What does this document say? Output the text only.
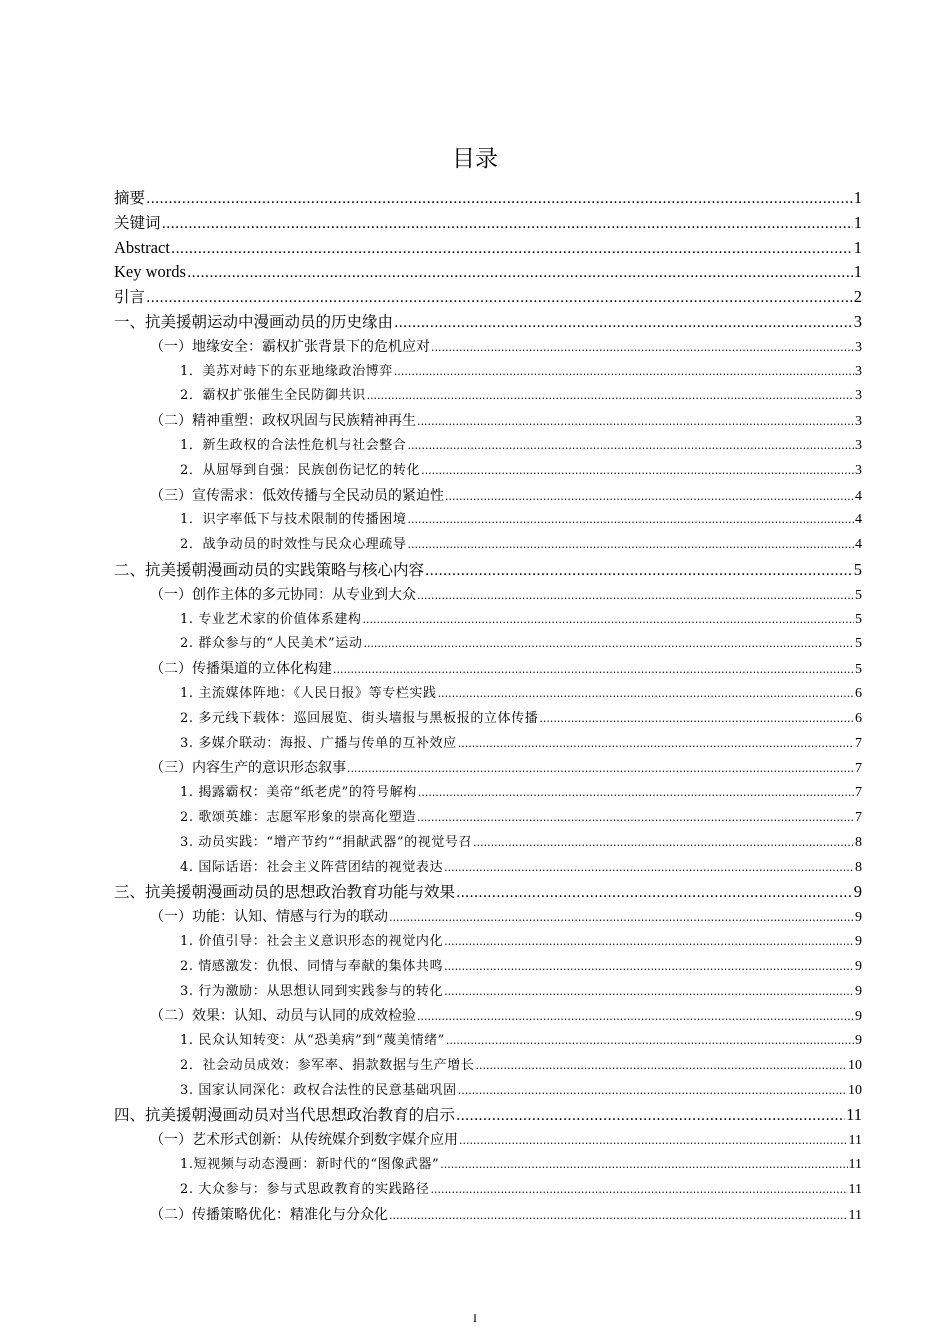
目录
摘要 .....	1
关键词 .....	1
Abstract .....	1
Key words .....	1
引言 .....	2
一、抗美援朝运动中漫画动员的历史缘由 .....	3
（一）地缘安全：霸权扩张背景下的危机应对 .....	3
1．美苏对峙下的东亚地缘政治博弈 .....	3
2．霸权扩张催生全民防御共识 .....	3
（二）精神重塑：政权巩固与民族精神再生 .....	3
1．新生政权的合法性危机与社会整合 .....	3
2．从屈辱到自强：民族创伤记忆的转化 .....	3
（三）宣传需求：低效传播与全民动员的紧迫性 .....	4
1．识字率低下与技术限制的传播困境 .....	4
2．战争动员的时效性与民众心理疏导 .....	4
二、抗美援朝漫画动员的实践策略与核心内容 .....	5
（一）创作主体的多元协同：从专业到大众 .....	5
1. 专业艺术家的价值体系建构 .....	5
2. 群众参与的“人民美术”运动 .....	5
（二）传播渠道的立体化构建 .....	5
1. 主流媒体阵地：《人民日报》等专栏实践 .....	6
2. 多元线下载体：巡回展览、街头墙报与黑板报的立体传播 .....	6
3. 多媒介联动：海报、广播与传单的互补效应 .....	7
（三）内容生产的意识形态叙事 .....	7
1. 揭露霸权：美帝“纸老虎”的符号解构 .....	7
2. 歌颂英雄：志愿军形象的崇高化塑造 .....	7
3. 动员实践：“增产节约”“捐献武器”的视觉号召 .....	8
4. 国际话语：社会主义阵营团结的视觉表达 .....	8
三、抗美援朝漫画动员的思想政治教育功能与效果 .....	9
（一）功能：认知、情感与行为的联动 .....	9
1. 价值引导：社会主义意识形态的视觉内化 .....	9
2. 情感激发：仇恨、同情与奉献的集体共鸣 .....	9
3. 行为激励：从思想认同到实践参与的转化 .....	9
（二）效果：认知、动员与认同的成效检验 .....	9
1. 民众认知转变：从“恐美病”到“蔑美情绪” .....	9
2．社会动员成效：参军率、捐款数据与生产增长 .....	10
3. 国家认同深化：政权合法性的民意基础巩固 .....	10
四、抗美援朝漫画动员对当代思想政治教育的启示 .....	11
（一）艺术形式创新：从传统媒介到数字媒介应用 .....	11
1.短视频与动态漫画：新时代的“图像武器” .....	11
2. 大众参与：参与式思政教育的实践路径 .....	11
（二）传播策略优化：精准化与分众化 .....	11
I
